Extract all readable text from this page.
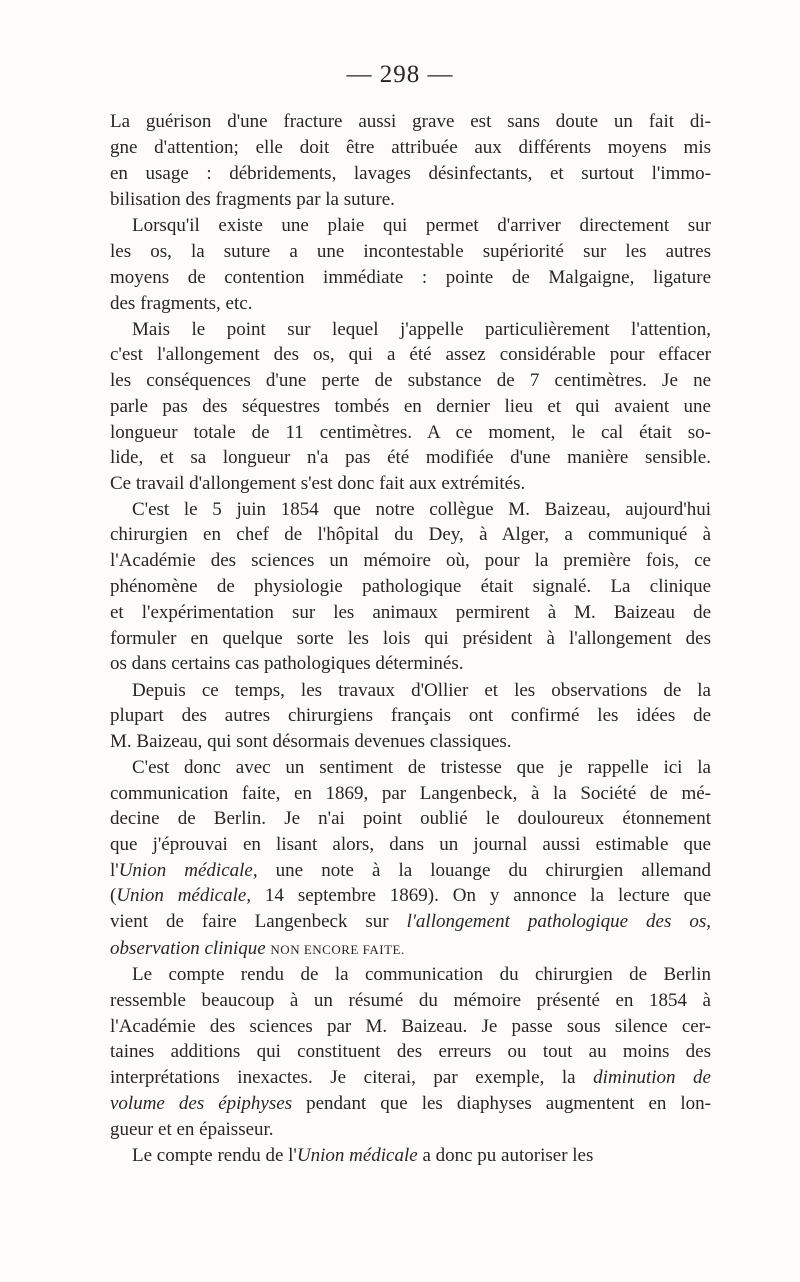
— 298 —
La guérison d'une fracture aussi grave est sans doute un fait di-
gne d'attention; elle doit être attribuée aux différents moyens mis
en usage : débridements, lavages désinfectants, et surtout l'immo-
bilisation des fragments par la suture.
Lorsqu'il existe une plaie qui permet d'arriver directement sur
les os, la suture a une incontestable supériorité sur les autres
moyens de contention immédiate : pointe de Malgaigne, ligature
des fragments, etc.
Mais le point sur lequel j'appelle particulièrement l'attention,
c'est l'allongement des os, qui a été assez considérable pour effacer
les conséquences d'une perte de substance de 7 centimètres. Je ne
parle pas des séquestres tombés en dernier lieu et qui avaient une
longueur totale de 11 centimètres. A ce moment, le cal était so-
lide, et sa longueur n'a pas été modifiée d'une manière sensible.
Ce travail d'allongement s'est donc fait aux extrémités.
C'est le 5 juin 1854 que notre collègue M. Baizeau, aujourd'hui
chirurgien en chef de l'hôpital du Dey, à Alger, a communiqué à
l'Académie des sciences un mémoire où, pour la première fois, ce
phénomène de physiologie pathologique était signalé. La clinique
et l'expérimentation sur les animaux permirent à M. Baizeau de
formuler en quelque sorte les lois qui président à l'allongement des
os dans certains cas pathologiques déterminés.
Depuis ce temps, les travaux d'Ollier et les observations de la
plupart des autres chirurgiens français ont confirmé les idées de
M. Baizeau, qui sont désormais devenues classiques.
C'est donc avec un sentiment de tristesse que je rappelle ici la
communication faite, en 1869, par Langenbeck, à la Société de mé-
decine de Berlin. Je n'ai point oublié le douloureux étonnement
que j'éprouvai en lisant alors, dans un journal aussi estimable que
l'Union médicale, une note à la louange du chirurgien allemand
(Union médicale, 14 septembre 1869). On y annonce la lecture que
vient de faire Langenbeck sur l'allongement pathologique des os,
observation clinique NON ENCORE FAITE.
Le compte rendu de la communication du chirurgien de Berlin
ressemble beaucoup à un résumé du mémoire présenté en 1854 à
l'Académie des sciences par M. Baizeau. Je passe sous silence cer-
taines additions qui constituent des erreurs ou tout au moins des
interprétations inexactes. Je citerai, par exemple, la diminution de
volume des épiphyses pendant que les diaphyses augmentent en lon-
gueur et en épaisseur.
Le compte rendu de l'Union médicale a donc pu autoriser les
